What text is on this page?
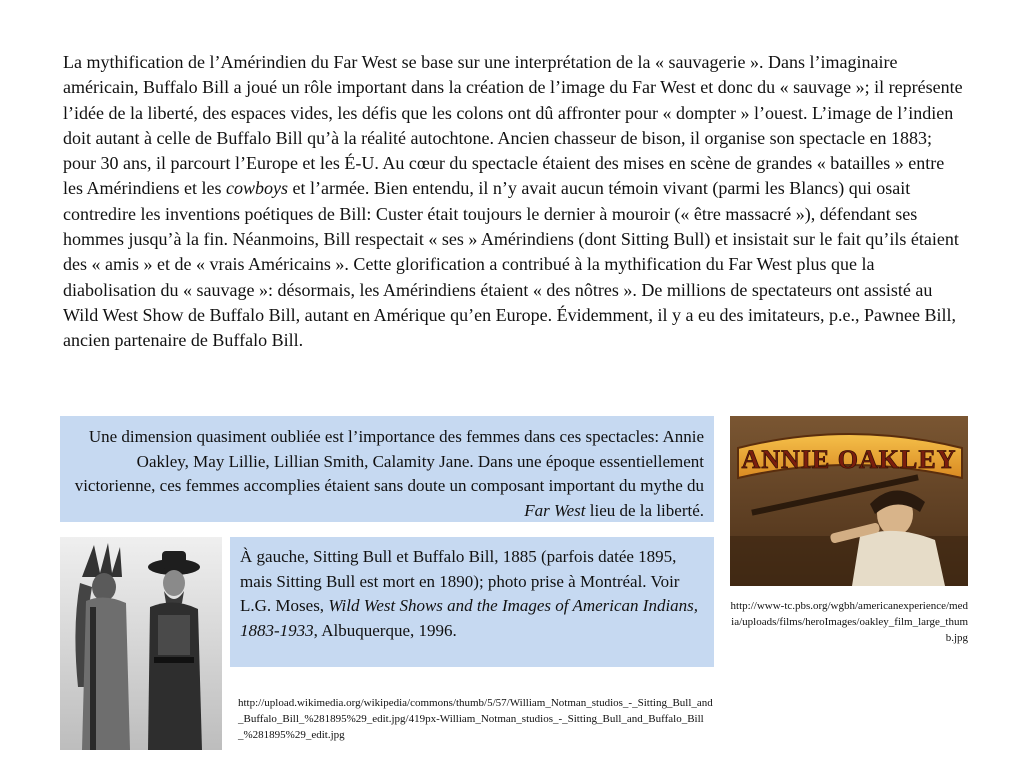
La mythification de l’Amérindien du Far West se base sur une interprétation de la « sauvagerie ». Dans l’imaginaire américain, Buffalo Bill a joué un rôle important dans la création de l’image du Far West et donc du « sauvage »; il représente l’idée de la liberté, des espaces vides, les défis que les colons ont dû affronter pour « dompter » l’ouest. L’image de l’indien doit autant à celle de Buffalo Bill qu’à la réalité autochtone. Ancien chasseur de bison, il organise son spectacle en 1883; pour 30 ans, il parcourt l’Europe et les É-U. Au cœur du spectacle étaient des mises en scène de grandes « batailles » entre les Amérindiens et les cowboys et l’armée. Bien entendu, il n’y avait aucun témoin vivant (parmi les Blancs) qui osait contredire les inventions poétiques de Bill: Custer était toujours le dernier à mouroir (« être massacré »), défendant ses hommes jusqu’à la fin. Néanmoins, Bill respectait « ses » Amérindiens (dont Sitting Bull) et insistait sur le fait qu’ils étaient des « amis » et de « vrais Américains ». Cette glorification a contribué à la mythification du Far West plus que la diabolisation du « sauvage »: désormais, les Amérindiens étaient « des nôtres ». De millions de spectateurs ont assisté au Wild West Show de Buffalo Bill, autant en Amérique qu’en Europe. Évidemment, il y a eu des imitateurs, p.e., Pawnee Bill, ancien partenaire de Buffalo Bill.

Une dimension quasiment oubliée est l’importance des femmes dans ces spectacles: Annie Oakley, May Lillie, Lillian Smith, Calamity Jane. Dans une époque essentiellement victorienne, ces femmes accomplies étaient sans doute un composant important du mythe du Far West lieu de la liberté.
ANNIE OAKLEY

http://www-tc.pbs.org/wgbh/americanexperience/media/uploads/films/heroImages/oakley_film_large_thumb.jpg

À gauche, Sitting Bull et Buffalo Bill, 1885 (parfois datée 1895, mais Sitting Bull est mort en 1890); photo prise à Montréal. Voir L.G. Moses, Wild West Shows and the Images of American Indians, 1883-1933, Albuquerque, 1996.

http://upload.wikimedia.org/wikipedia/commons/thumb/5/57/William_Notman_studios_-_Sitting_Bull_and_Buffalo_Bill_%281895%29_edit.jpg/419px-William_Notman_studios_-_Sitting_Bull_and_Buffalo_Bill_%281895%29_edit.jpg
